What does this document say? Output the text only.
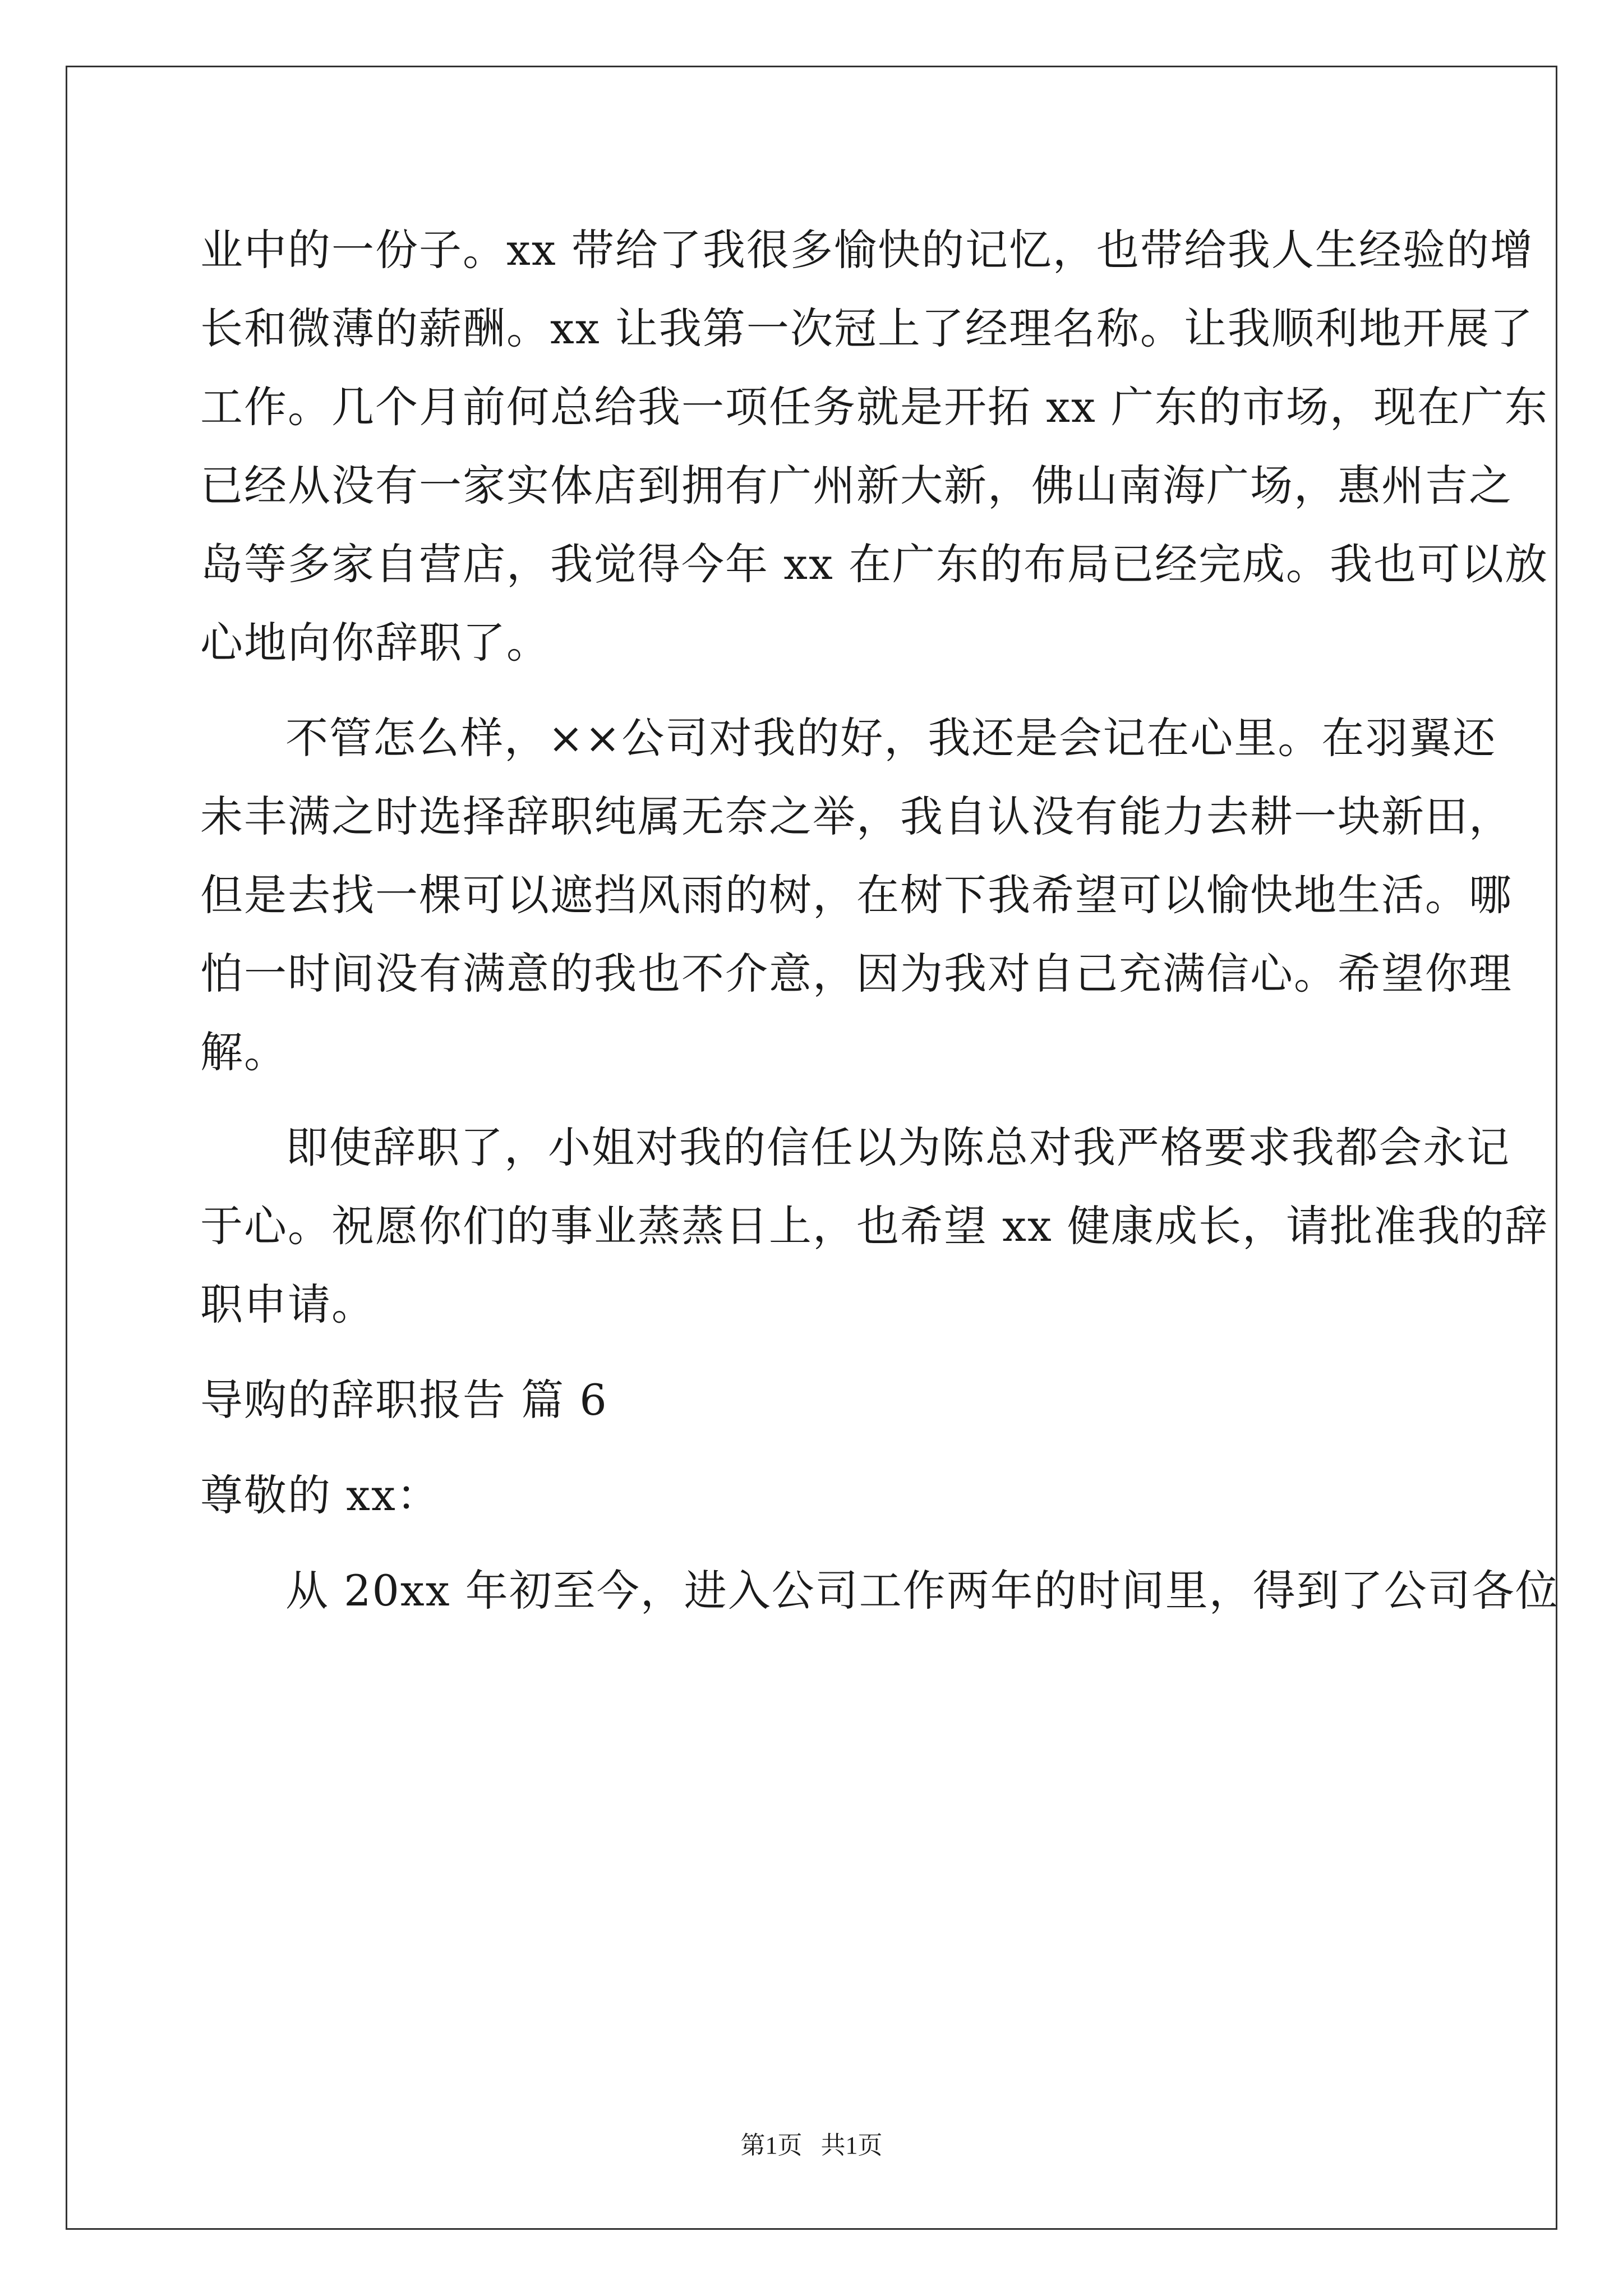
业中的一份子。xx 带给了我很多愉快的记忆，也带给我人生经验的增
长和微薄的薪酬。xx 让我第一次冠上了经理名称。让我顺利地开展了
工作。几个月前何总给我一项任务就是开拓 xx 广东的市场，现在广东
已经从没有一家实体店到拥有广州新大新，佛山南海广场，惠州吉之
岛等多家自营店，我觉得今年 xx 在广东的布局已经完成。我也可以放
心地向你辞职了。
不管怎么样，××公司对我的好，我还是会记在心里。在羽翼还
未丰满之时选择辞职纯属无奈之举，我自认没有能力去耕一块新田，
但是去找一棵可以遮挡风雨的树，在树下我希望可以愉快地生活。哪
怕一时间没有满意的我也不介意，因为我对自己充满信心。希望你理
解。
即使辞职了，小姐对我的信任以为陈总对我严格要求我都会永记
于心。祝愿你们的事业蒸蒸日上，也希望 xx 健康成长，请批准我的辞
职申请。
导购的辞职报告 篇 6
尊敬的 xx：
从 20xx 年初至今，进入公司工作两年的时间里，得到了公司各位
第1页   共1页
